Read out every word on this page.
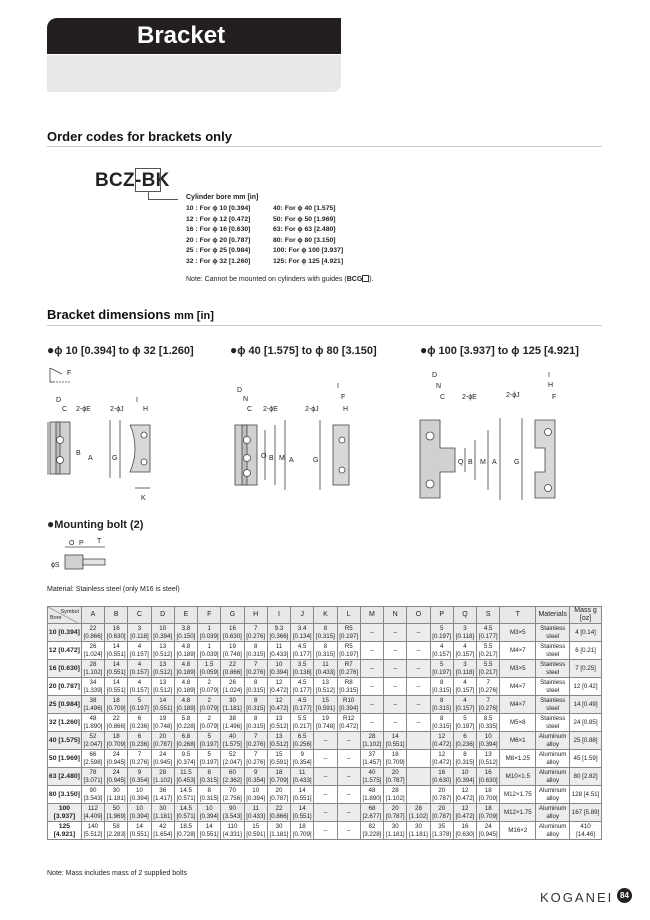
Bracket
Order codes for brackets only
BCZ-BK
Cylinder bore mm [in]
10 : For ϕ 10 [0.394]	40: For ϕ 40 [1.575]
12 : For ϕ 12 [0.472]	50: For ϕ 50 [1.969]
16 : For ϕ 16 [0.630]	63: For ϕ 63 [2.480]
20 : For ϕ 20 [0.787]	80: For ϕ 80 [3.150]
25 : For ϕ 25 [0.984]	100: For ϕ 100 [3.937]
32 : For ϕ 32 [1.260]	125: For ϕ 125 [4.921]
Note: Cannot be mounted on cylinders with guides (BCG ).
Bracket dimensions mm [in]
●ϕ 10 [0.394] to ϕ 32 [1.260]	●ϕ 40 [1.575] to ϕ 80 [3.150]	●ϕ 100 [3.937] to ϕ 125 [4.921]
F
D
C 2-ϕE	2-ϕJ
I
H
B
A	G
K
D
N
C 2-ϕE	2-ϕJ
I
F
H
O B M A	G
D
N
C 2-ϕE	2-ϕJ
I
H
F
Q B M A G
●Mounting bolt (2)
O P T
ϕS
Material: Stainless steel (only M16 is steel)
Symbol
Bore	A	B	C	D	E	F	G	H	I	J	K	L	M	N	O	P	Q	S	T	Materials	Mass g [oz]
10 [0.394]	22 [0.866]	16 [0.630]	3 [0.118]	10 [0.394]	3.8 [0.150]	1 [0.039]	16 [0.630]	7 [0.276]	9.3 [0.366]	3.4 [0.134]	8 [0.315]	R5 [0.197]	–	–	–	5 [0.197]	3 [0.118]	4.5 [0.177]	M3×5	Stainless steel	4 [0.14]
12 [0.472]	26 [1.024]	14 [0.551]	4 [0.157]	13 [0.512]	4.8 [0.189]	1 [0.039]	19 [0.748]	8 [0.315]	11 [0.433]	4.5 [0.177]	8 [0.315]	R5 [0.197]	–	–	–	4 [0.157]	4 [0.157]	5.5 [0.217]	M4×7	Stainless steel	6 [0.21]
16 [0.630]	28 [1.102]	14 [0.551]	4 [0.157]	13 [0.512]	4.8 [0.189]	1.5 [0.059]	22 [0.866]	7 [0.276]	10 [0.394]	3.5 [0.138]	11 [0.433]	R7 [0.276]	–	–	–	5 [0.197]	3 [0.118]	5.5 [0.217]	M3×5	Stainless steel	7 [0.25]
20 [0.787]	34 [1.339]	14 [0.551]	4 [0.157]	13 [0.512]	4.8 [0.189]	2 [0.079]	26 [1.024]	8 [0.315]	12 [0.472]	4.5 [0.177]	13 [0.512]	R8 [0.315]	–	–	–	8 [0.315]	4 [0.157]	7 [0.276]	M4×7	Stainless steel	12 [0.42]
25 [0.984]	38 [1.496]	18 [0.709]	5 [0.197]	14 [0.551]	4.8 [0.189]	2 [0.079]	30 [1.181]	8 [0.315]	12 [0.472]	4.5 [0.177]	15 [0.591]	R10 [0.394]	–	–	–	8 [0.315]	4 [0.157]	7 [0.276]	M4×7	Stainless steel	14 [0.49]
32 [1.260]	48 [1.890]	22 [0.866]	6 [0.236]	19 [0.748]	5.8 [0.228]	2 [0.079]	38 [1.496]	8 [0.315]	13 [0.512]	5.5 [0.217]	19 [0.748]	R12 [0.472]	–	–	–	8 [0.315]	5 [0.197]	8.5 [0.335]	M5×8	Stainless steel	24 [0.85]
40 [1.575]	52 [2.047]	18 [0.709]	6 [0.236]	20 [0.787]	6.8 [0.268]	5 [0.197]	40 [1.575]	7 [0.276]	13 [0.512]	6.5 [0.256]	–	–	28 [1.102]	14 [0.551]		12 [0.472]	6 [0.236]	10 [0.394]	M6×1	Aluminum alloy	25 [0.88]
50 [1.969]	66 [2.598]	24 [0.945]	7 [0.276]	24 [0.945]	9.5 [0.374]	5 [0.197]	52 [2.047]	7 [0.276]	15 [0.591]	9 [0.354]	–	–	37 [1.457]	18 [0.709]		12 [0.472]	8 [0.315]	13 [0.512]	M8×1.25	Aluminum alloy	45 [1.59]
63 [2.480]	78 [3.071]	24 [0.945]	9 [0.354]	28 [1.102]	11.5 [0.453]	8 [0.315]	60 [2.362]	9 [0.354]	18 [0.709]	11 [0.433]	–	–	40 [1.575]	20 [0.787]		16 [0.630]	10 [0.394]	16 [0.630]	M10×1.5	Aluminum alloy	80 [2.82]
80 [3.150]	90 [3.543]	30 [1.181]	10 [0.394]	36 [1.417]	14.5 [0.571]	8 [0.315]	70 [2.756]	10 [0.394]	20 [0.787]	14 [0.551]	–	–	48 [1.890]	28 [1.102]		20 [0.787]	12 [0.472]	18 [0.709]	M12×1.75	Aluminum alloy	128 [4.51]
100 [3.937]	112 [4.409]	50 [1.969]	10 [0.394]	30 [1.181]	14.5 [0.571]	10 [0.394]	90 [3.543]	11 [0.433]	22 [0.866]	14 [0.551]	–	–	68 [2.677]	20 [0.787]	28 [1.102]	20 [0.787]	12 [0.472]	18 [0.709]	M12×1.75	Aluminum alloy	167 [5.89]
125 [4.921]	140 [5.512]	58 [2.283]	14 [0.551]	42 [1.654]	18.5 [0.728]	14 [0.551]	110 [4.331]	15 [0.591]	30 [1.181]	18 [0.709]	–	–	82 [3.228]	30 [1.181]	30 [1.181]	35 [1.378]	16 [0.630]	24 [0.945]	M16×2	Aluminum alloy	410 [14.46]
Note: Mass includes mass of 2 supplied bolts
KOGANEI 84
